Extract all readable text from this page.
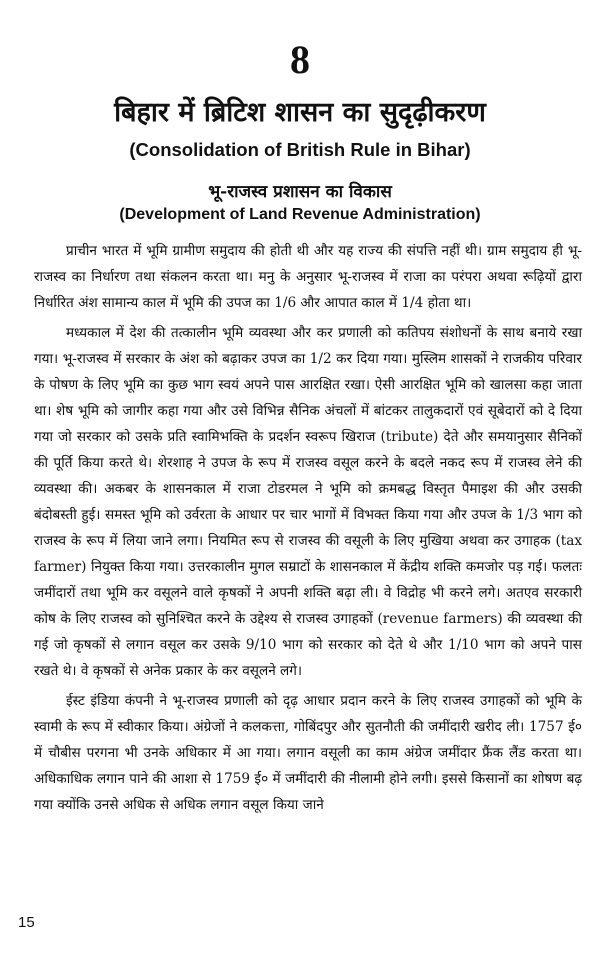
8
बिहार में ब्रिटिश शासन का सुदृढ़ीकरण
(Consolidation of British Rule in Bihar)
भू-राजस्व प्रशासन का विकास
(Development of Land Revenue Administration)

प्राचीन भारत में भूमि ग्रामीण समुदाय की होती थी और यह राज्य की संपत्ति नहीं थी। ग्राम समुदाय ही भू-राजस्व का निर्धारण तथा संकलन करता था। मनु के अनुसार भू-राजस्व में राजा का परंपरा अथवा रूढ़ियों द्वारा निर्धारित अंश सामान्य काल में भूमि की उपज का 1/6 और आपात काल में 1/4 होता था।

मध्यकाल में देश की तत्कालीन भूमि व्यवस्था और कर प्रणाली को कतिपय संशोधनों के साथ बनाये रखा गया। भू-राजस्व में सरकार के अंश को बढ़ाकर उपज का 1/2 कर दिया गया। मुस्लिम शासकों ने राजकीय परिवार के पोषण के लिए भूमि का कुछ भाग स्वयं अपने पास आरक्षित रखा। ऐसी आरक्षित भूमि को खालसा कहा जाता था। शेष भूमि को जागीर कहा गया और उसे विभिन्न सैनिक अंचलों में बांटकर तालुकदारों एवं सूबेदारों को दे दिया गया जो सरकार को उसके प्रति स्वामिभक्ति के प्रदर्शन स्वरूप खिराज (tribute) देते और समयानुसार सैनिकों की पूर्ति किया करते थे। शेरशाह ने उपज के रूप में राजस्व वसूल करने के बदले नकद रूप में राजस्व लेने की व्यवस्था की। अकबर के शासनकाल में राजा टोडरमल ने भूमि को क्रमबद्ध विस्तृत पैमाइश की और उसकी बंदोबस्ती हुई। समस्त भूमि को उर्वरता के आधार पर चार भागों में विभक्त किया गया और उपज के 1/3 भाग को राजस्व के रूप में लिया जाने लगा। नियमित रूप से राजस्व की वसूली के लिए मुखिया अथवा कर उगाहक (tax farmer) नियुक्त किया गया। उत्तरकालीन मुगल सम्राटों के शासनकाल में केंद्रीय शक्ति कमजोर पड़ गई। फलतः जमींदारों तथा भूमि कर वसूलने वाले कृषकों ने अपनी शक्ति बढ़ा ली। वे विद्रोह भी करने लगे। अतएव सरकारी कोष के लिए राजस्व को सुनिश्चित करने के उद्देश्य से राजस्व उगाहकों (revenue farmers) की व्यवस्था की गई जो कृषकों से लगान वसूल कर उसके 9/10 भाग को सरकार को देते थे और 1/10 भाग को अपने पास रखते थे। वे कृषकों से अनेक प्रकार के कर वसूलने लगे।

ईस्ट इंडिया कंपनी ने भू-राजस्व प्रणाली को दृढ़ आधार प्रदान करने के लिए राजस्व उगाहकों को भूमि के स्वामी के रूप में स्वीकार किया। अंग्रेजों ने कलकत्ता, गोबिंदपुर और सुतनौती की जमींदारी खरीद ली। 1757 ई० में चौबीस परगना भी उनके अधिकार में आ गया। लगान वसूली का काम अंग्रेज जमींदार फ्रैंक लैंड करता था। अधिकाधिक लगान पाने की आशा से 1759 ई० में जमींदारी की नीलामी होने लगी। इससे किसानों का शोषण बढ़ गया क्योंकि उनसे अधिक से अधिक लगान वसूल किया जाने

15
